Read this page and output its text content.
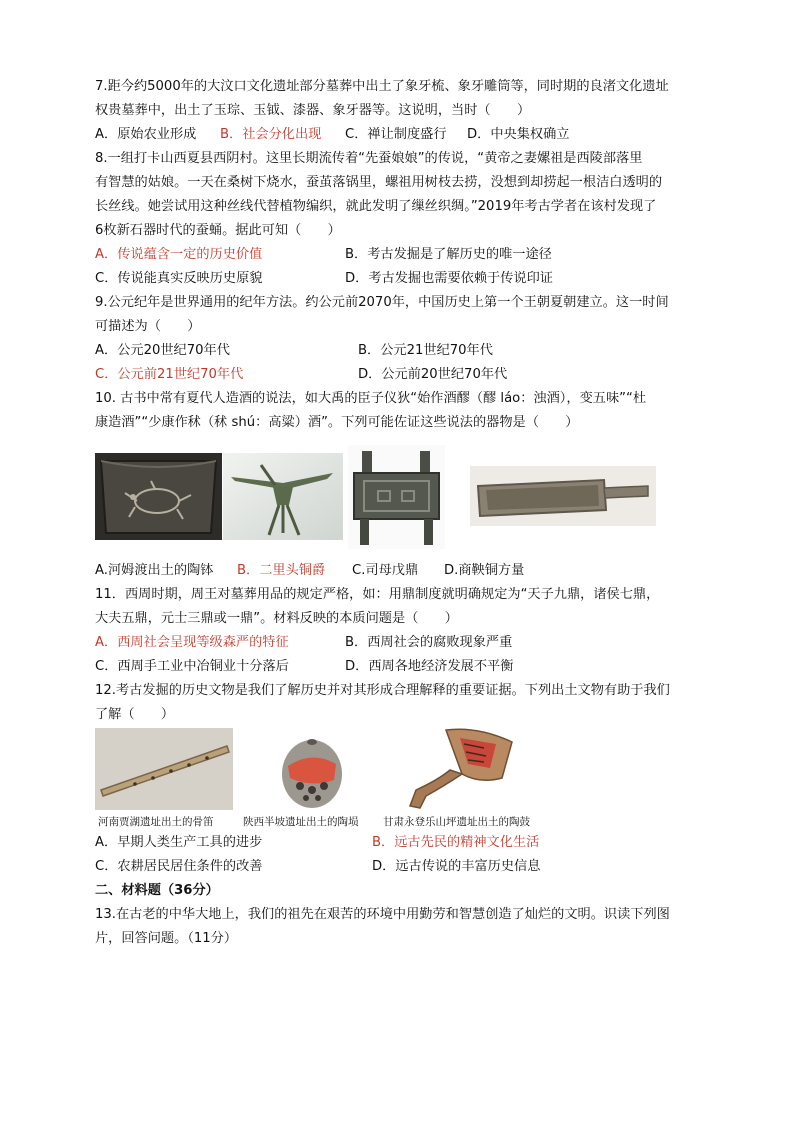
7.距今约5000年的大汶口文化遗址部分墓葬中出土了象牙梳、象牙雕筒等，同时期的良渚文化遗址
权贵墓葬中，出土了玉琮、玉钺、漆器、象牙器等。这说明，当时（　　）
A．原始农业形成 B．社会分化出现 C．禅让制度盛行 D．中央集权确立
8.一组打卡山西夏县西阴村。这里长期流传着“先蚕娘娘”的传说，“黄帝之妻嫘祖是西陵部落里
有智慧的姑娘。一天在桑树下烧水，蚕茧落锅里，螺祖用树枝去捞，没想到却捞起一根洁白透明的
长丝线。她尝试用这种丝线代替植物编织，就此发明了缫丝织绸。”2019年考古学者在该村发现了
6枚新石器时代的蚕蛹。据此可知（　　）
A．传说蕴含一定的历史价值	B．考古发掘是了解历史的唯一途径
C．传说能真实反映历史原貌	D．考古发掘也需要依赖于传说印证
9.公元纪年是世界通用的纪年方法。约公元前2070年，中国历史上第一个王朝夏朝建立。这一时间
可描述为（　　）
A．公元20世纪70年代	B．公元21世纪70年代
C．公元前21世纪70年代	D．公元前20世纪70年代
10. 古书中常有夏代人造酒的说法，如大禹的臣子仪狄“始作酒醪（醪 láo：浊酒），变五味”“杜
康造酒”“少康作秫（秫 shú：高粱）酒”。下列可能佐证这些说法的器物是（　　）
A.河姆渡出土的陶钵 B．二里头铜爵 C.司母戊鼎 D.商鞅铜方量
11．西周时期，周王对墓葬用品的规定严格，如：用鼎制度就明确规定为“天子九鼎，诸侯七鼎，
大夫五鼎，元士三鼎或一鼎”。材料反映的本质问题是（　　）
A．西周社会呈现等级森严的特征	B．西周社会的腐败现象严重
C．西周手工业中冶铜业十分落后	D．西周各地经济发展不平衡
12.考古发掘的历史文物是我们了解历史并对其形成合理解释的重要证据。下列出土文物有助于我们
了解（　　）
河南贾湖遗址出土的骨笛	陕西半坡遗址出土的陶埙 甘肃永登乐山坪遗址出土的陶鼓
A．早期人类生产工具的进步	B．远古先民的精神文化生活
C．农耕居民居住条件的改善	D．远古传说的丰富历史信息
二、材料题（36分）
13.在古老的中华大地上，我们的祖先在艰苦的环境中用勤劳和智慧创造了灿烂的文明。识读下列图
片，回答问题。（11分）
